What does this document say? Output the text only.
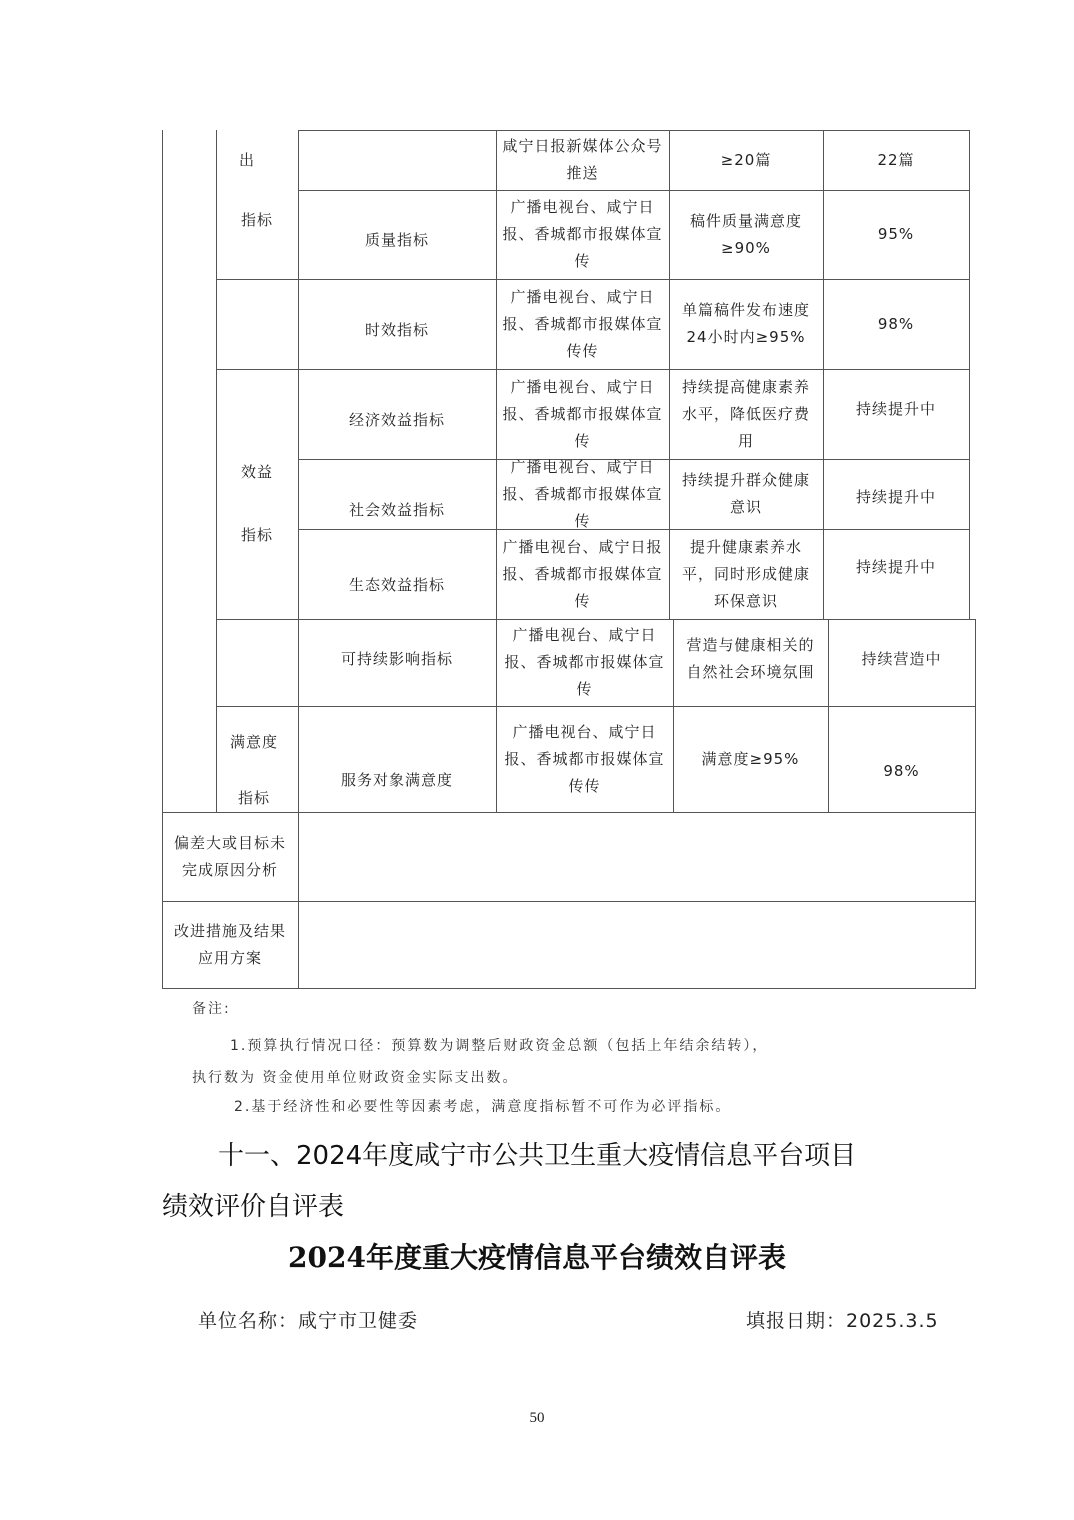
出
指标
效益
指标
满意度
指标
咸宁日报新媒体公众号推送
≥20篇	22篇
质量指标
广播电视台、咸宁日报、香城都市报媒体宣传
稿件质量满意度≥90%
95%
时效指标
广播电视台、咸宁日报、香城都市报媒体宣传传
单篇稿件发布速度24小时内≥95%
98%
经济效益指标
广播电视台、咸宁日报、香城都市报媒体宣传
持续提高健康素养水平，降低医疗费用
持续提升中
社会效益指标
广播电视台、咸宁日报、香城都市报媒体宣传
持续提升群众健康意识
持续提升中
生态效益指标
广播电视台、咸宁日报报、香城都市报媒体宣传
提升健康素养水平，同时形成健康环保意识
持续提升中
可持续影响指标
广播电视台、咸宁日报、香城都市报媒体宣传
营造与健康相关的自然社会环境氛围
持续营造中
服务对象满意度
广播电视台、咸宁日报、香城都市报媒体宣传传
满意度≥95%
98%
偏差大或目标未完成原因分析
改进措施及结果应用方案
备注:
1.预算执行情况口径：预算数为调整后财政资金总额（包括上年结余结转），
执行数为 资金使用单位财政资金实际支出数。
2.基于经济性和必要性等因素考虑，满意度指标暂不可作为必评指标。
十一、2024年度咸宁市公共卫生重大疫情信息平台项目
绩效评价自评表
2024年度重大疫情信息平台绩效自评表
单位名称：咸宁市卫健委	填报日期：2025.3.5
50
